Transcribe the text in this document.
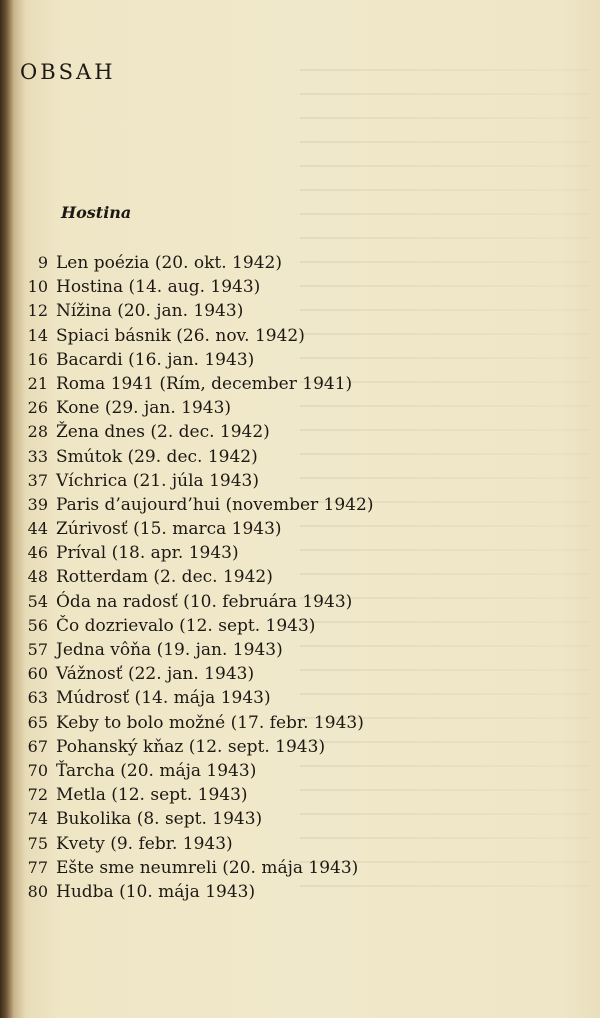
OBSAH
Hostina
9 Len poézia (20. okt. 1942)
10 Hostina (14. aug. 1943)
12 Nížina (20. jan. 1943)
14 Spiaci básnik (26. nov. 1942)
16 Bacardi (16. jan. 1943)
21 Roma 1941 (Rím, december 1941)
26 Kone (29. jan. 1943)
28 Žena dnes (2. dec. 1942)
33 Smútok (29. dec. 1942)
37 Víchrica (21. júla 1943)
39 Paris d’aujourd’hui (november 1942)
44 Zúrivosť (15. marca 1943)
46 Príval (18. apr. 1943)
48 Rotterdam (2. dec. 1942)
54 Óda na radosť (10. februára 1943)
56 Čo dozrievalo (12. sept. 1943)
57 Jedna vôňa (19. jan. 1943)
60 Vážnosť (22. jan. 1943)
63 Múdrosť (14. mája 1943)
65 Keby to bolo možné (17. febr. 1943)
67 Pohanský kňaz (12. sept. 1943)
70 Ťarcha (20. mája 1943)
72 Metla (12. sept. 1943)
74 Bukolika (8. sept. 1943)
75 Kvety (9. febr. 1943)
77 Ešte sme neumreli (20. mája 1943)
80 Hudba (10. mája 1943)
